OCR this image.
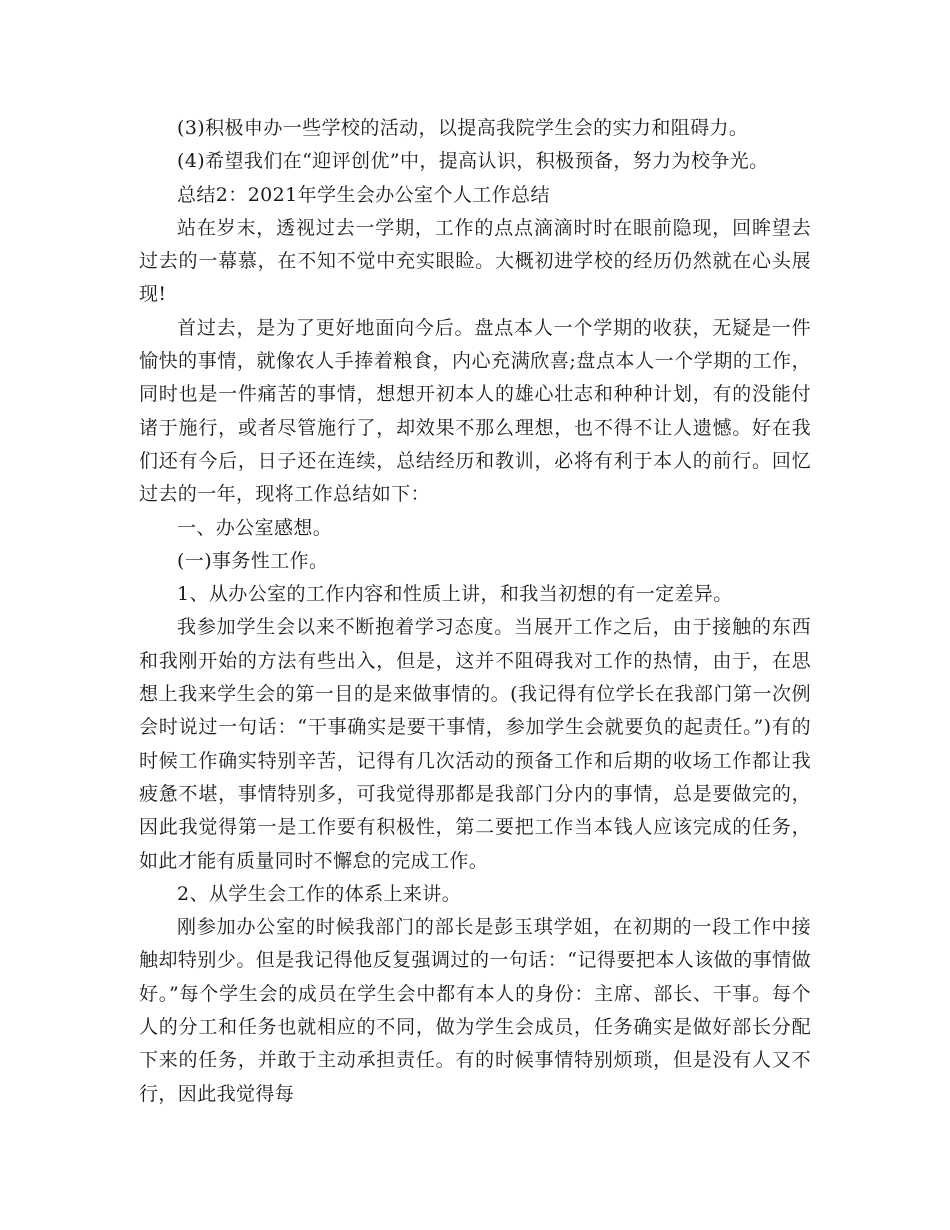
(3)积极申办一些学校的活动，以提高我院学生会的实力和阻碍力。

(4)希望我们在“迎评创优”中，提高认识，积极预备，努力为校争光。

总结2：2021年学生会办公室个人工作总结

站在岁末，透视过去一学期，工作的点点滴滴时时在眼前隐现，回眸望去过去的一幕慕，在不知不觉中充实眼睑。大概初进学校的经历仍然就在心头展现!

首过去，是为了更好地面向今后。盘点本人一个学期的收获，无疑是一件愉快的事情，就像农人手捧着粮食，内心充满欣喜;盘点本人一个学期的工作，同时也是一件痛苦的事情，想想开初本人的雄心壮志和种种计划，有的没能付诸于施行，或者尽管施行了，却效果不那么理想，也不得不让人遗憾。好在我们还有今后，日子还在连续，总结经历和教训，必将有利于本人的前行。回忆过去的一年，现将工作总结如下：

一、办公室感想。

(一)事务性工作。

1、从办公室的工作内容和性质上讲，和我当初想的有一定差异。

我参加学生会以来不断抱着学习态度。当展开工作之后，由于接触的东西和我刚开始的方法有些出入，但是，这并不阻碍我对工作的热情，由于，在思想上我来学生会的第一目的是来做事情的。(我记得有位学长在我部门第一次例会时说过一句话：“干事确实是要干事情，参加学生会就要负的起责任。”)有的时候工作确实特别辛苦，记得有几次活动的预备工作和后期的收场工作都让我疲惫不堪，事情特别多，可我觉得那都是我部门分内的事情，总是要做完的，因此我觉得第一是工作要有积极性，第二要把工作当本钱人应该完成的任务，如此才能有质量同时不懈怠的完成工作。

2、从学生会工作的体系上来讲。

刚参加办公室的时候我部门的部长是彭玉琪学姐，在初期的一段工作中接触却特别少。但是我记得他反复强调过的一句话：“记得要把本人该做的事情做好。”每个学生会的成员在学生会中都有本人的身份：主席、部长、干事。每个人的分工和任务也就相应的不同，做为学生会成员，任务确实是做好部长分配下来的任务，并敢于主动承担责任。有的时候事情特别烦琐，但是没有人又不行，因此我觉得每
